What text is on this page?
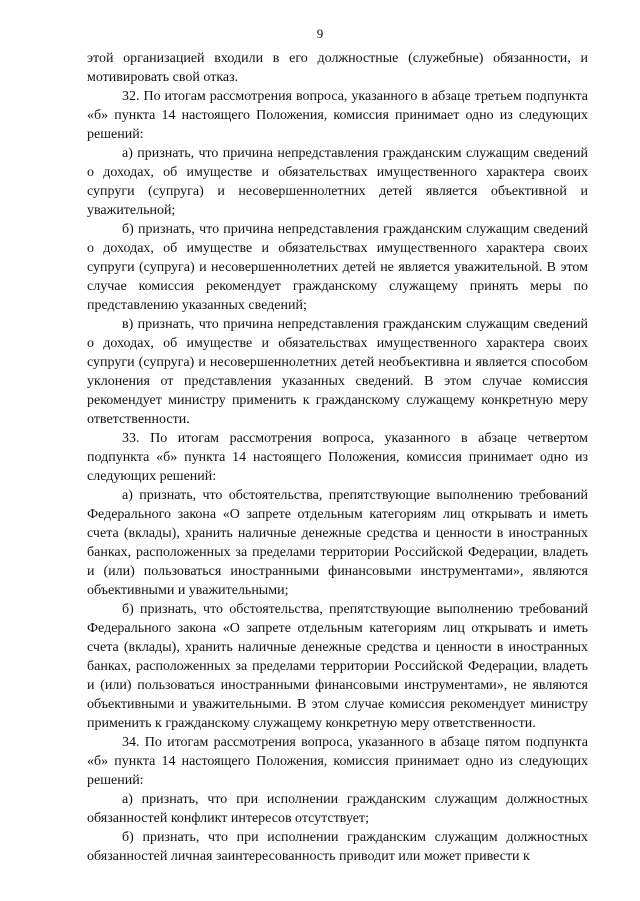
9

этой организацией входили в его должностные (служебные) обязанности, и мотивировать свой отказ.

32. По итогам рассмотрения вопроса, указанного в абзаце третьем подпункта «б» пункта 14 настоящего Положения, комиссия принимает одно из следующих решений:

а) признать, что причина непредставления гражданским служащим сведений о доходах, об имуществе и обязательствах имущественного характера своих супруги (супруга) и несовершеннолетних детей является объективной и уважительной;

б) признать, что причина непредставления гражданским служащим сведений о доходах, об имуществе и обязательствах имущественного характера своих супруги (супруга) и несовершеннолетних детей не является уважительной. В этом случае комиссия рекомендует гражданскому служащему принять меры по представлению указанных сведений;

в) признать, что причина непредставления гражданским служащим сведений о доходах, об имуществе и обязательствах имущественного характера своих супруги (супруга) и несовершеннолетних детей необъективна и является способом уклонения от представления указанных сведений. В этом случае комиссия рекомендует министру применить к гражданскому служащему конкретную меру ответственности.

33. По итогам рассмотрения вопроса, указанного в абзаце четвертом подпункта «б» пункта 14 настоящего Положения, комиссия принимает одно из следующих решений:

а) признать, что обстоятельства, препятствующие выполнению требований Федерального закона «О запрете отдельным категориям лиц открывать и иметь счета (вклады), хранить наличные денежные средства и ценности в иностранных банках, расположенных за пределами территории Российской Федерации, владеть и (или) пользоваться иностранными финансовыми инструментами», являются объективными и уважительными;

б) признать, что обстоятельства, препятствующие выполнению требований Федерального закона «О запрете отдельным категориям лиц открывать и иметь счета (вклады), хранить наличные денежные средства и ценности в иностранных банках, расположенных за пределами территории Российской Федерации, владеть и (или) пользоваться иностранными финансовыми инструментами», не являются объективными и уважительными. В этом случае комиссия рекомендует министру применить к гражданскому служащему конкретную меру ответственности.

34. По итогам рассмотрения вопроса, указанного в абзаце пятом подпункта «б» пункта 14 настоящего Положения, комиссия принимает одно из следующих решений:

а) признать, что при исполнении гражданским служащим должностных обязанностей конфликт интересов отсутствует;

б) признать, что при исполнении гражданским служащим должностных обязанностей личная заинтересованность приводит или может привести к
